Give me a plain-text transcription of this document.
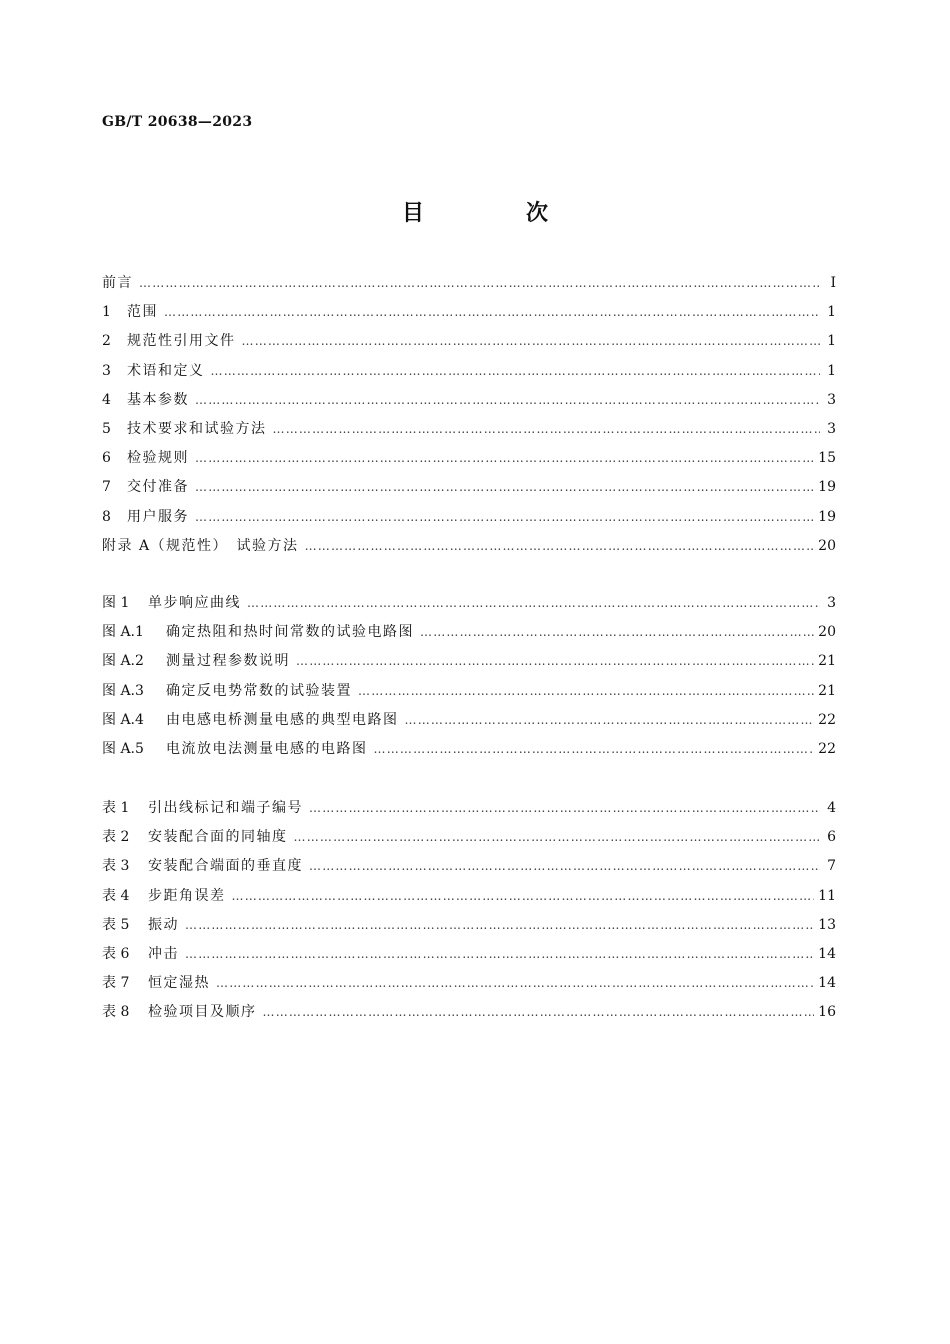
GB/T 20638—2023
目　次
前言 …………………………………………………………………………………………………………………………………………………………………………………………………………	Ⅰ
1	范围 …………………………………………………………………………………………………………………………………………………………………………………………………………	1
2	规范性引用文件 …………………………………………………………………………………………………………………………………………………………………………………………………………	1
3	术语和定义 …………………………………………………………………………………………………………………………………………………………………………………………………………	1
4	基本参数 …………………………………………………………………………………………………………………………………………………………………………………………………………	3
5	技术要求和试验方法 …………………………………………………………………………………………………………………………………………………………………………………………………………	3
6	检验规则 …………………………………………………………………………………………………………………………………………………………………………………………………………	15
7	交付准备 …………………………………………………………………………………………………………………………………………………………………………………………………………	19
8	用户服务 …………………………………………………………………………………………………………………………………………………………………………………………………………	19
附录 A（规范性）　试验方法 …………………………………………………………………………………………………………………………………………………………………………………………………………	20
图 1	单步响应曲线 …………………………………………………………………………………………………………………………………………………………………………………………………………	3
图 A.1	确定热阻和热时间常数的试验电路图 …………………………………………………………………………………………………………………………………………………………………………………………………………	20
图 A.2	测量过程参数说明 …………………………………………………………………………………………………………………………………………………………………………………………………………	21
图 A.3	确定反电势常数的试验装置 …………………………………………………………………………………………………………………………………………………………………………………………………………	21
图 A.4	由电感电桥测量电感的典型电路图 …………………………………………………………………………………………………………………………………………………………………………………………………………	22
图 A.5	电流放电法测量电感的电路图 …………………………………………………………………………………………………………………………………………………………………………………………………………	22
表 1	引出线标记和端子编号 …………………………………………………………………………………………………………………………………………………………………………………………………………	4
表 2	安装配合面的同轴度 …………………………………………………………………………………………………………………………………………………………………………………………………………	6
表 3	安装配合端面的垂直度 …………………………………………………………………………………………………………………………………………………………………………………………………………	7
表 4	步距角误差 …………………………………………………………………………………………………………………………………………………………………………………………………………	11
表 5	振动 …………………………………………………………………………………………………………………………………………………………………………………………………………	13
表 6	冲击 …………………………………………………………………………………………………………………………………………………………………………………………………………	14
表 7	恒定湿热 …………………………………………………………………………………………………………………………………………………………………………………………………………	14
表 8	检验项目及顺序 …………………………………………………………………………………………………………………………………………………………………………………………………………	16
